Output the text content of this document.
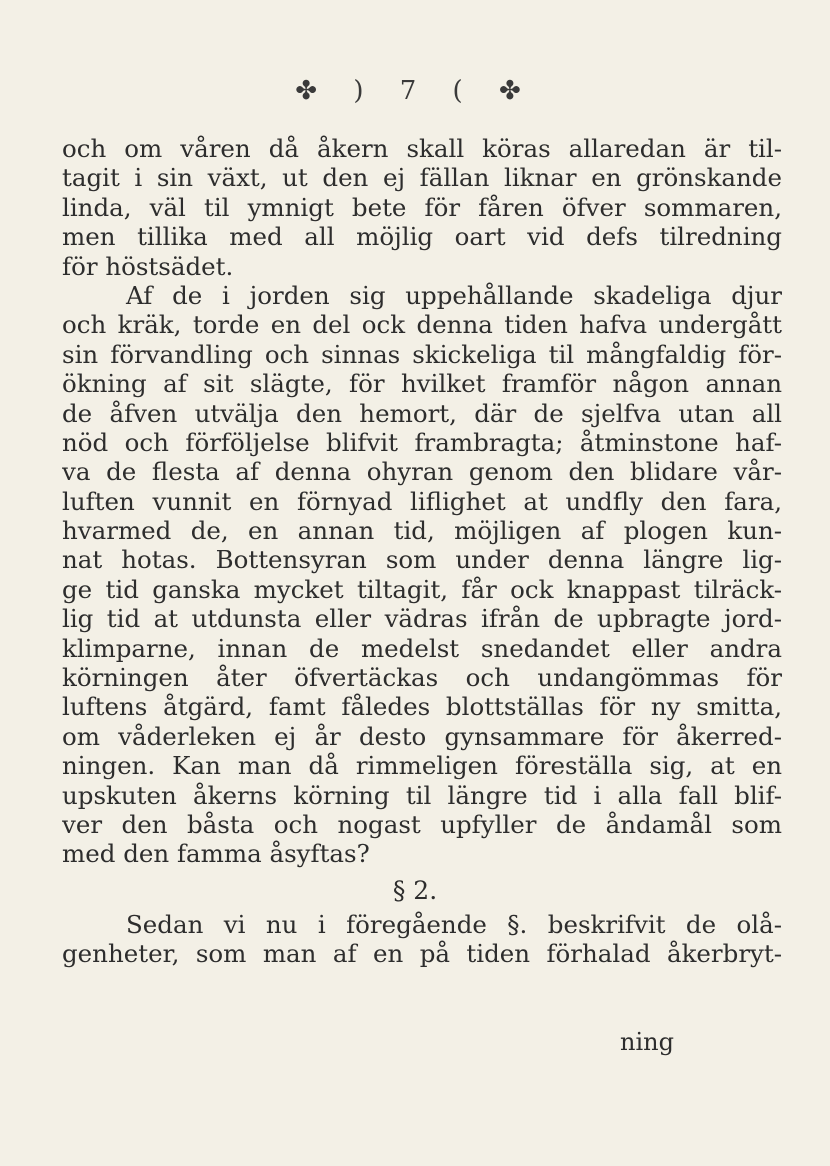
✤ ) 7 ( ✤
och om våren då åkern skall köras allaredan är til-
tagit i sin växt, ut den ej fällan liknar en grönskande
linda, väl til ymnigt bete för fåren öfver sommaren,
men tillika med all möjlig oart vid defs tilredning
för höstsädet.
Af de i jorden sig uppehållande skadeliga djur
och kräk, torde en del ock denna tiden hafva undergått
sin förvandling och sinnas skickeliga til mångfaldig för-
ökning af sit slägte, för hvilket framför någon annan
de åfven utvälja den hemort, där de sjelfva utan all
nöd och förföljelse blifvit frambragta; åtminstone haf-
va de flesta af denna ohyran genom den blidare vår-
luften vunnit en förnyad liflighet at undfly den fara,
hvarmed de, en annan tid, möjligen af plogen kun-
nat hotas. Bottensyran som under denna längre lig-
ge tid ganska mycket tiltagit, får ock knappast tilräck-
lig tid at utdunsta eller vädras ifrån de upbragte jord-
klimparne, innan de medelst snedandet eller andra
körningen åter öfvertäckas och undangömmas för
luftens åtgärd, famt fåledes blottställas för ny smitta,
om våderleken ej år desto gynsammare för åkerred-
ningen. Kan man då rimmeligen föreställa sig, at en
upskuten åkerns körning til längre tid i alla fall blif-
ver den båsta och nogast upfyller de åndamål som
med den famma åsyftas?
§ 2.
Sedan vi nu i föregående §. beskrifvit de olå-
genheter, som man af en på tiden förhalad åkerbryt-
ning
